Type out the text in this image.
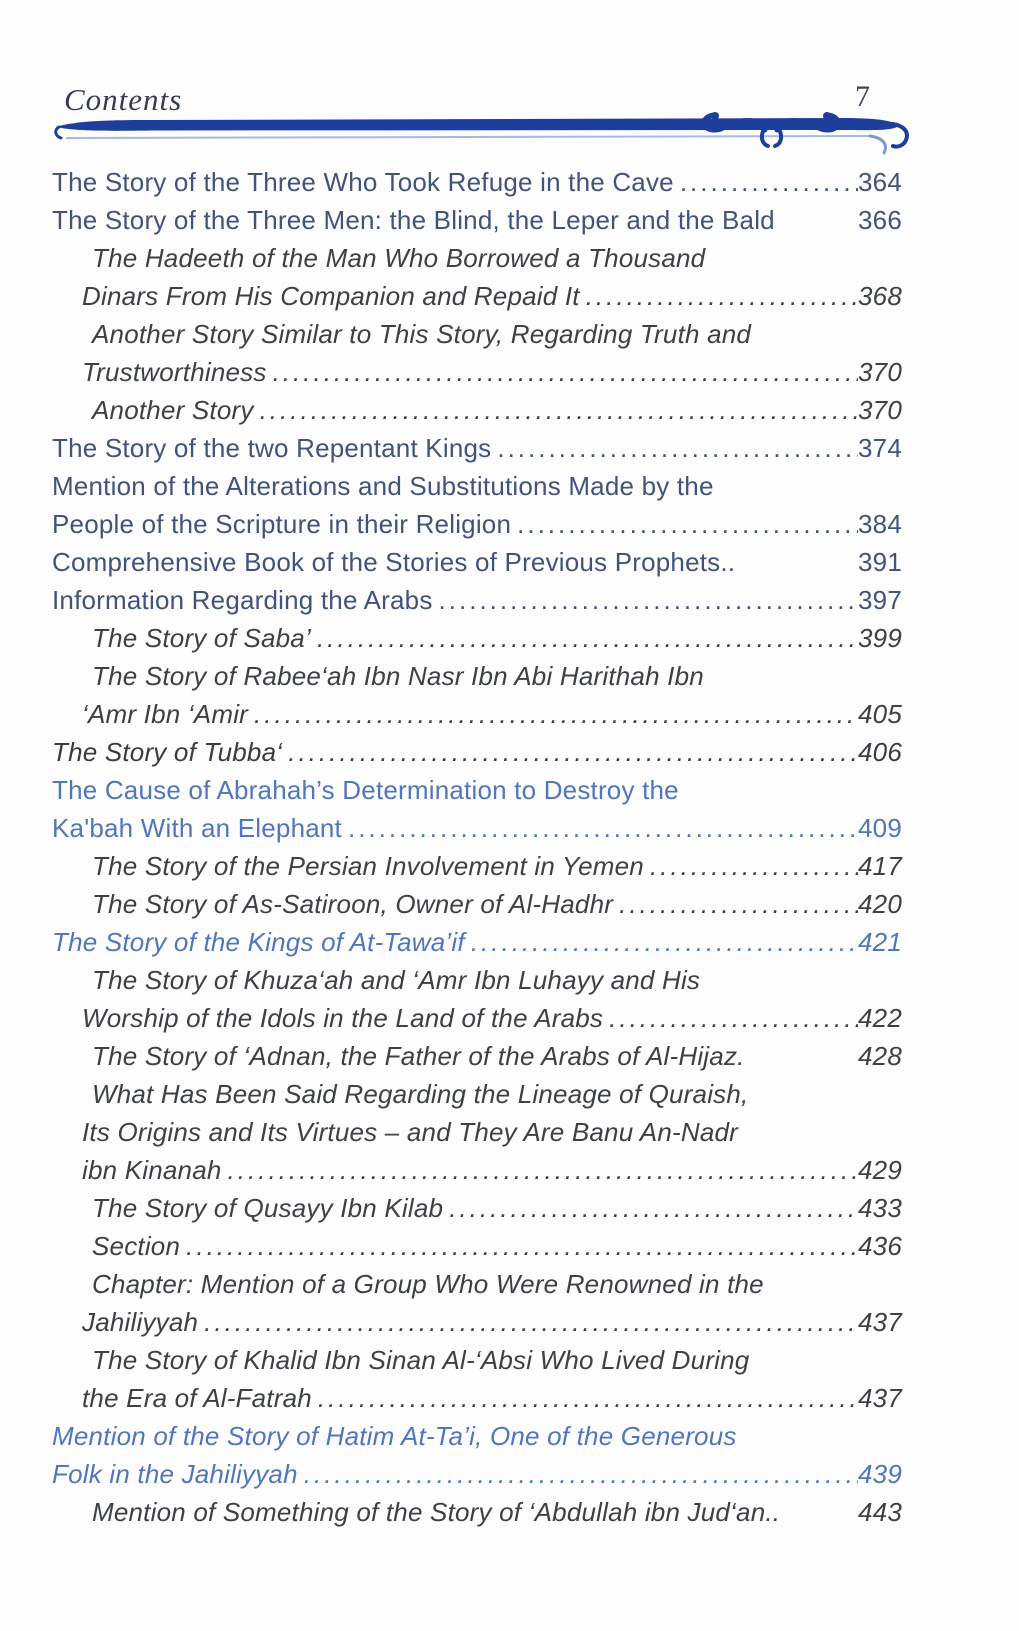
Contents	7
The Story of the Three Who Took Refuge in the Cave .....	364
The Story of the Three Men: the Blind, the Leper and the Bald	366
The Hadeeth of the Man Who Borrowed a Thousand
Dinars From His Companion and Repaid It .....	368
Another Story Similar to This Story, Regarding Truth and
Trustworthiness .....	370
Another Story .....	370
The Story of the two Repentant Kings .....	374
Mention of the Alterations and Substitutions Made by the
People of the Scripture in their Religion .....	384
Comprehensive Book of the Stories of Previous Prophets..	391
Information Regarding the Arabs .....	397
The Story of Saba’ .....	399
The Story of Rabee‘ah Ibn Nasr Ibn Abi Harithah Ibn
‘Amr Ibn ‘Amir .....	405
The Story of Tubba‘ .....	406
The Cause of Abrahah’s Determination to Destroy the
Ka'bah With an Elephant .....	409
The Story of the Persian Involvement in Yemen .....	417
The Story of As-Satiroon, Owner of Al-Hadhr .....	420
The Story of the Kings of At-Tawa’if .....	421
The Story of Khuza‘ah and ‘Amr Ibn Luhayy and His
Worship of the Idols in the Land of the Arabs .....	422
The Story of ‘Adnan, the Father of the Arabs of Al-Hijaz.	428
What Has Been Said Regarding the Lineage of Quraish,
Its Origins and Its Virtues – and They Are Banu An-Nadr
ibn Kinanah .....	429
The Story of Qusayy Ibn Kilab .....	433
Section .....	436
Chapter: Mention of a Group Who Were Renowned in the
Jahiliyyah .....	437
The Story of Khalid Ibn Sinan Al-‘Absi Who Lived During
the Era of Al-Fatrah .....	437
Mention of the Story of Hatim At-Ta’i, One of the Generous
Folk in the Jahiliyyah .....	439
Mention of Something of the Story of ‘Abdullah ibn Jud‘an..	443
